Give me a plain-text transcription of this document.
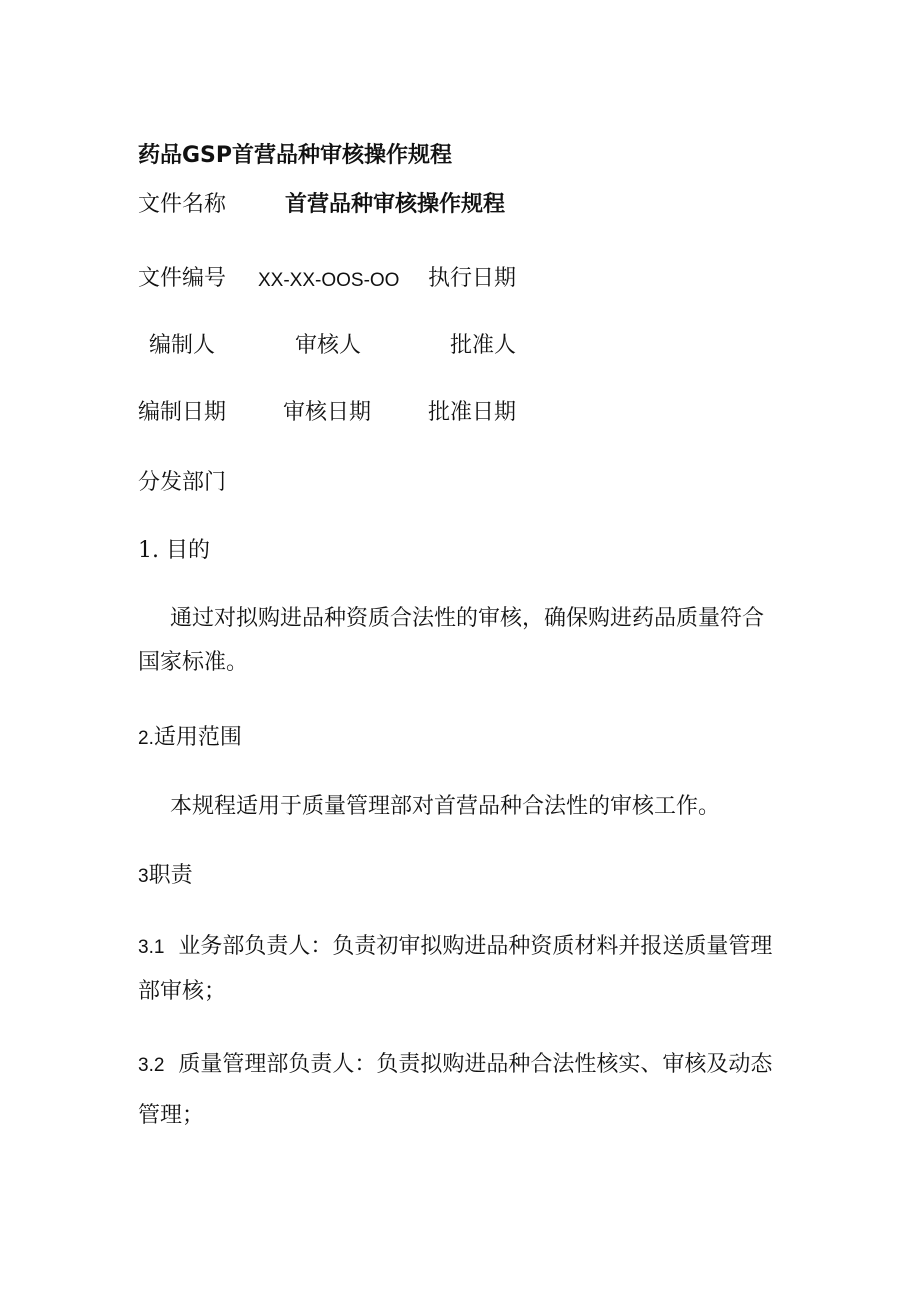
药品GSP首营品种审核操作规程
文件名称	首营品种审核操作规程
文件编号 XX-XX-OOS-OO 执行日期
编制人	审核人	批准人
编制日期	审核日期	批准日期
分发部门
1. 目的
通过对拟购进品种资质合法性的审核，确保购进药品质量符合国家标准。
2.适用范围
本规程适用于质量管理部对首营品种合法性的审核工作。
3职责
3.1 业务部负责人：负责初审拟购进品种资质材料并报送质量管理部审核；
3.2 质量管理部负责人：负责拟购进品种合法性核实、审核及动态管理；
